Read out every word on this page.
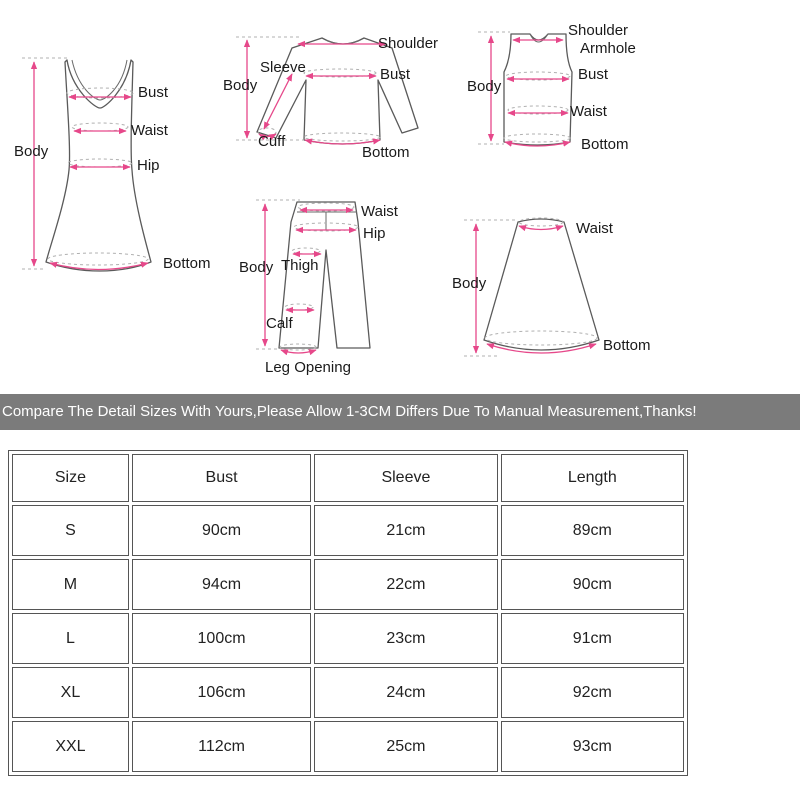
Body
Bust
Waist
Hip
Bottom
Shoulder
Sleeve
Body
Bust
Cuff
Bottom
Shoulder
Armhole
Body
Bust
Waist
Bottom
Waist
Hip
Body Thigh
Calf
Leg Opening
Waist
Body
Bottom
Compare The Detail Sizes With Yours,Please Allow 1-3CM Differs Due To Manual Measurement,Thanks!
Size	Bust	Sleeve	Length
S	90cm	21cm	89cm
M	94cm	22cm	90cm
L	100cm	23cm	91cm
XL	106cm	24cm	92cm
XXL	112cm	25cm	93cm
